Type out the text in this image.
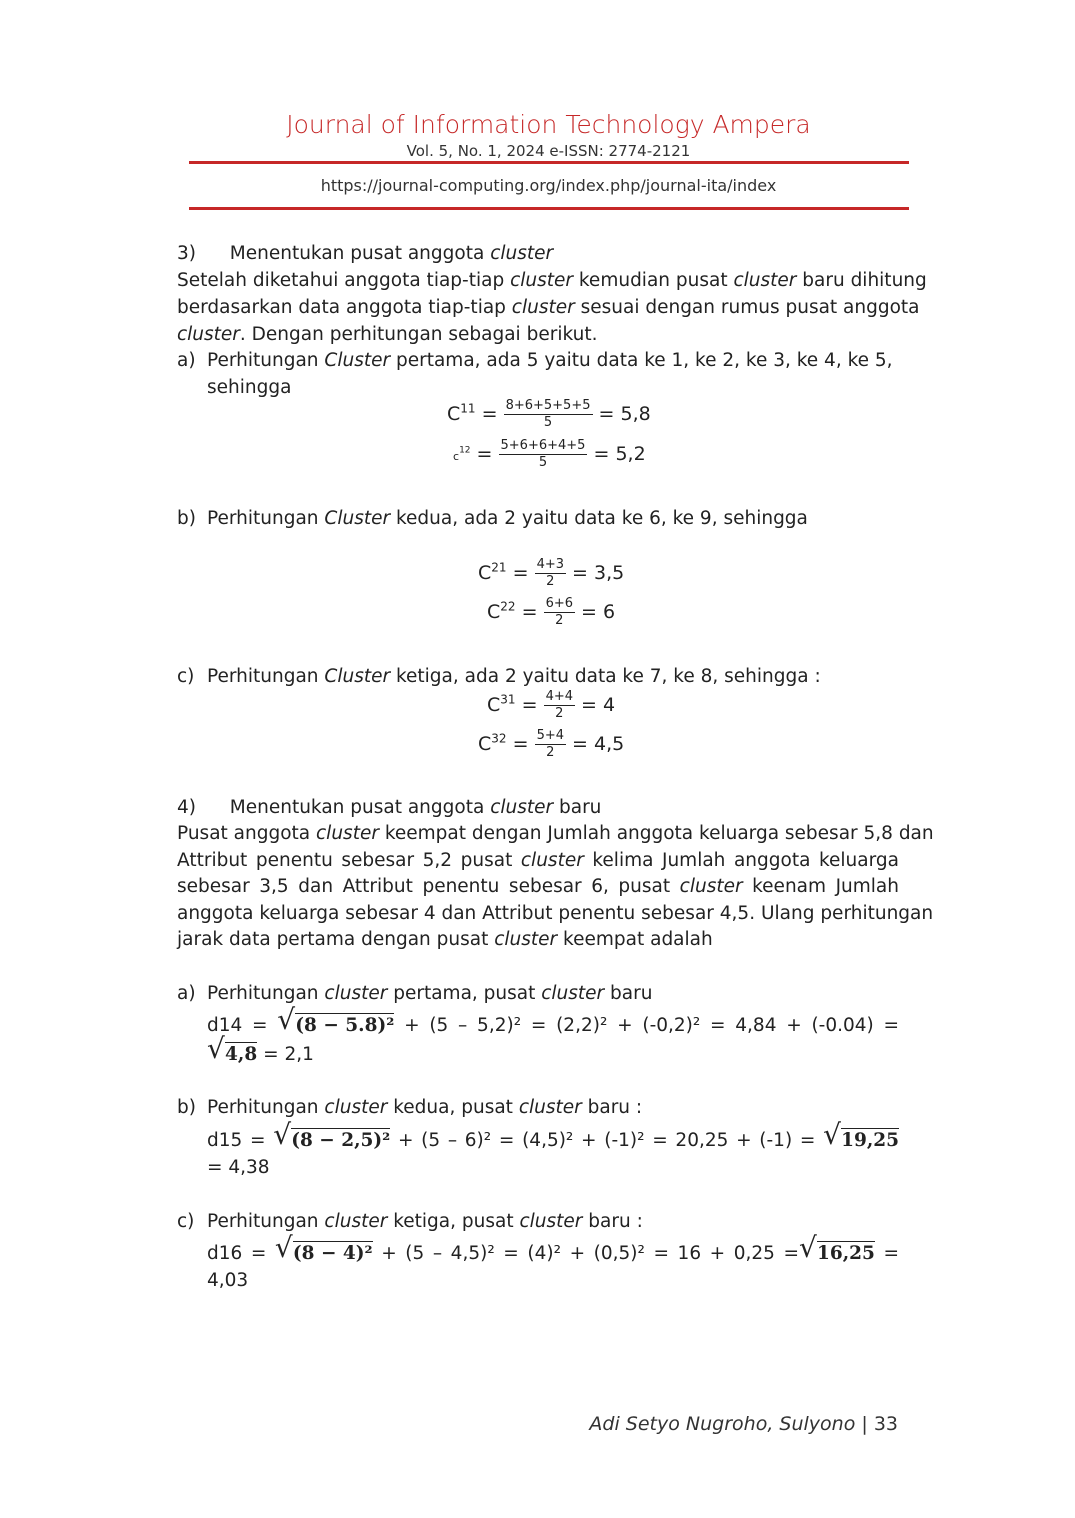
Journal of Information Technology Ampera
Vol. 5, No. 1, 2024 e-ISSN: 2774-2121
https://journal-computing.org/index.php/journal-ita/index
3) Menentukan pusat anggota cluster
Setelah diketahui anggota tiap-tiap cluster kemudian pusat cluster baru dihitung
berdasarkan data anggota tiap-tiap cluster sesuai dengan rumus pusat anggota
cluster. Dengan perhitungan sebagai berikut.
a) Perhitungan Cluster pertama, ada 5 yaitu data ke 1, ke 2, ke 3, ke 4, ke 5,
sehingga
$C^{11} = \frac{8+6+5+5+5}{5} = 5,8$
$c^{12} = \frac{5+6+6+4+5}{5} = 5,2$
b) Perhitungan Cluster kedua, ada 2 yaitu data ke 6, ke 9, sehingga
$C^{21} = \frac{4+3}{2} = 3,5$
$C^{22} = \frac{6+6}{2} = 6$
c) Perhitungan Cluster ketiga, ada 2 yaitu data ke 7, ke 8, sehingga :
$C^{31} = \frac{4+4}{2} = 4$
$C^{32} = \frac{5+4}{2} = 4,5$
4) Menentukan pusat anggota cluster baru
Pusat anggota cluster keempat dengan Jumlah anggota keluarga sebesar 5,8 dan
Attribut penentu sebesar 5,2 pusat cluster kelima Jumlah anggota keluarga
sebesar 3,5 dan Attribut penentu sebesar 6, pusat cluster keenam Jumlah
anggota keluarga sebesar 4 dan Attribut penentu sebesar 4,5. Ulang perhitungan
jarak data pertama dengan pusat cluster keempat adalah
a) Perhitungan cluster pertama, pusat cluster baru
d14 = √ (8 − 5.8)² + (5 – 5,2)² = (2,2)² + (-0,2)² = 4,84 + (-0.04) =
√ 4,8 = 2,1
b) Perhitungan cluster kedua, pusat cluster baru :
d15 = √ (8 − 2,5)² + (5 – 6)² = (4,5)² + (-1)² = 20,25 + (-1) = √ 19,25
= 4,38
c) Perhitungan cluster ketiga, pusat cluster baru :
d16 = √ (8 − 4)² + (5 – 4,5)² = (4)² + (0,5)² = 16 + 0,25 = √ 16,25 =
4,03
Adi Setyo Nugroho, Sulyono | 33
